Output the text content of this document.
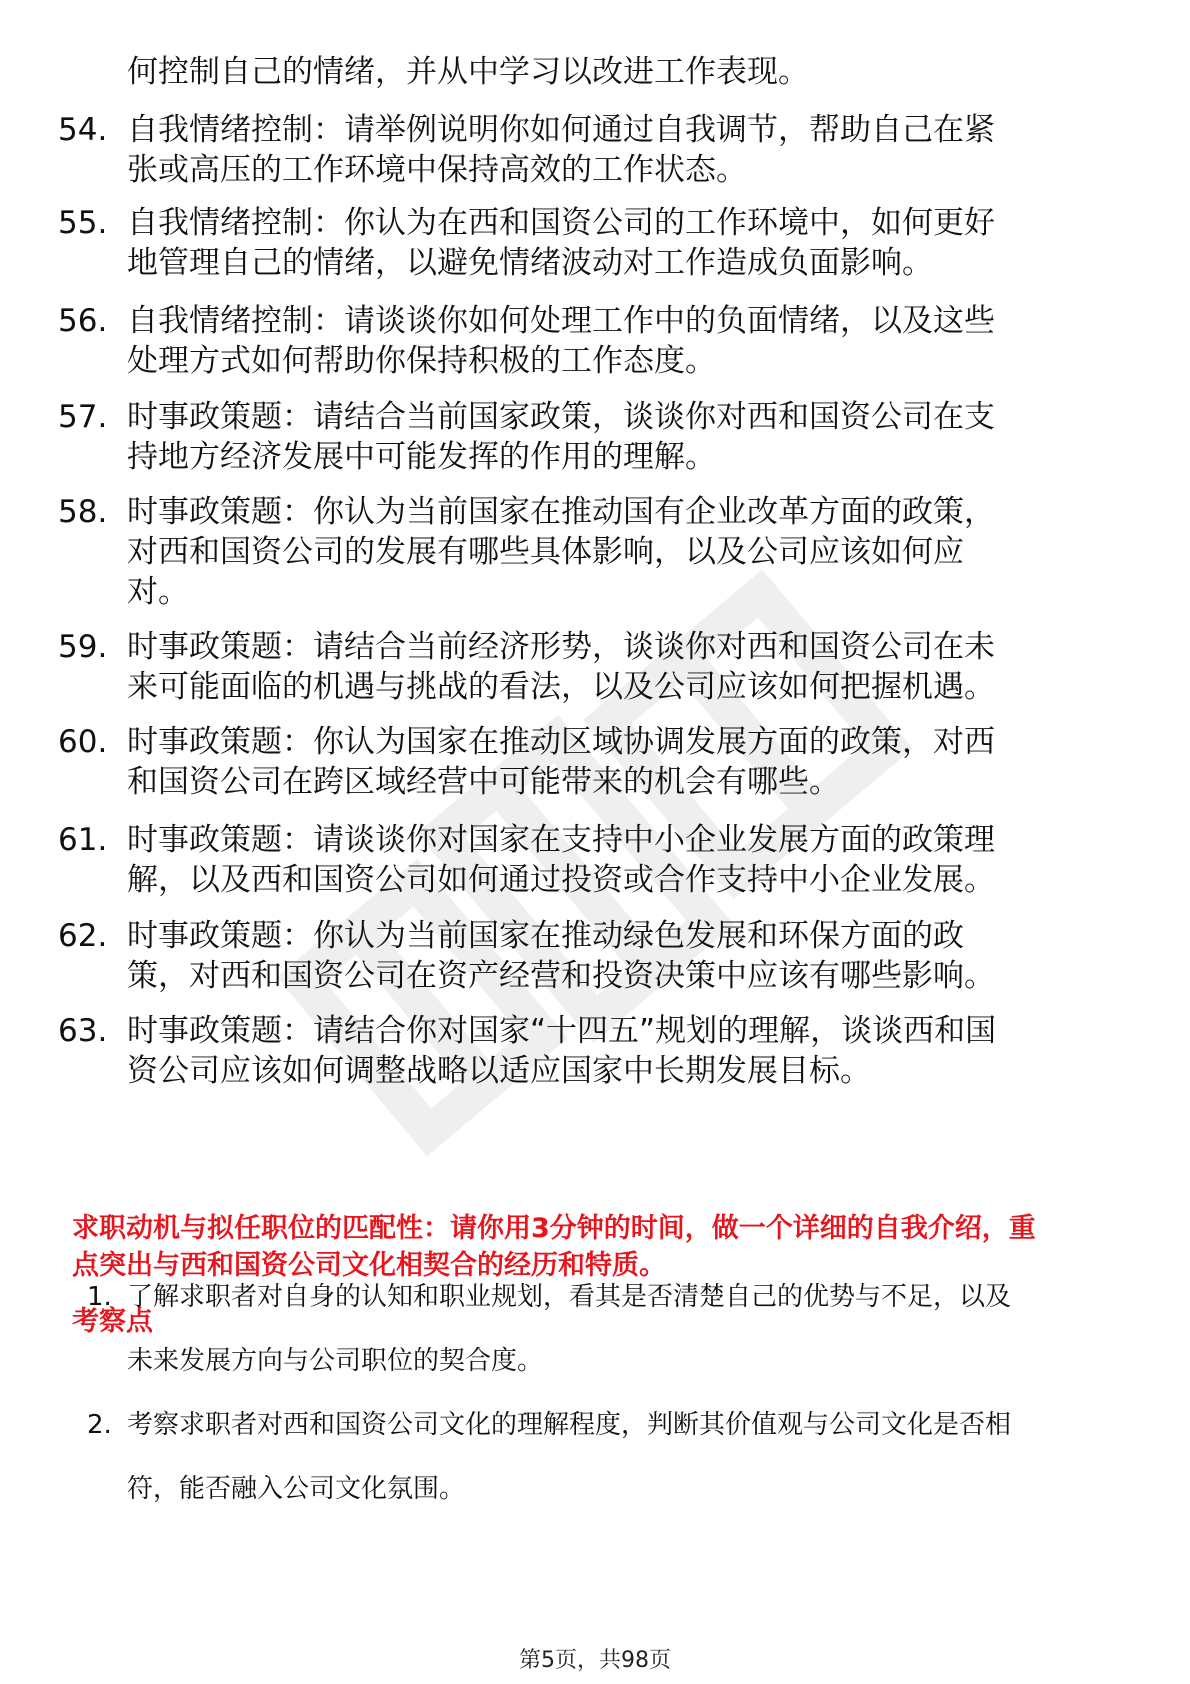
何控制自己的情绪，并从中学习以改进工作表现。
54. 自我情绪控制：请举例说明你如何通过自我调节，帮助自己在紧
张或高压的工作环境中保持高效的工作状态。
55. 自我情绪控制：你认为在西和国资公司的工作环境中，如何更好
地管理自己的情绪，以避免情绪波动对工作造成负面影响。
56. 自我情绪控制：请谈谈你如何处理工作中的负面情绪，以及这些
处理方式如何帮助你保持积极的工作态度。
57. 时事政策题：请结合当前国家政策，谈谈你对西和国资公司在支
持地方经济发展中可能发挥的作用的理解。
58. 时事政策题：你认为当前国家在推动国有企业改革方面的政策，
对西和国资公司的发展有哪些具体影响，以及公司应该如何应
对。
59. 时事政策题：请结合当前经济形势，谈谈你对西和国资公司在未
来可能面临的机遇与挑战的看法，以及公司应该如何把握机遇。
60. 时事政策题：你认为国家在推动区域协调发展方面的政策，对西
和国资公司在跨区域经营中可能带来的机会有哪些。
61. 时事政策题：请谈谈你对国家在支持中小企业发展方面的政策理
解，以及西和国资公司如何通过投资或合作支持中小企业发展。
62. 时事政策题：你认为当前国家在推动绿色发展和环保方面的政
策，对西和国资公司在资产经营和投资决策中应该有哪些影响。
63. 时事政策题：请结合你对国家“十四五”规划的理解，谈谈西和国
资公司应该如何调整战略以适应国家中长期发展目标。
求职动机与拟任职位的匹配性：请你用3分钟的时间，做一个详细的自我介绍，重
点突出与西和国资公司文化相契合的经历和特质。
考察点
1. 了解求职者对自身的认知和职业规划，看其是否清楚自己的优势与不足，以及
未来发展方向与公司职位的契合度。
2. 考察求职者对西和国资公司文化的理解程度，判断其价值观与公司文化是否相
符，能否融入公司文化氛围。
第5页，共98页
